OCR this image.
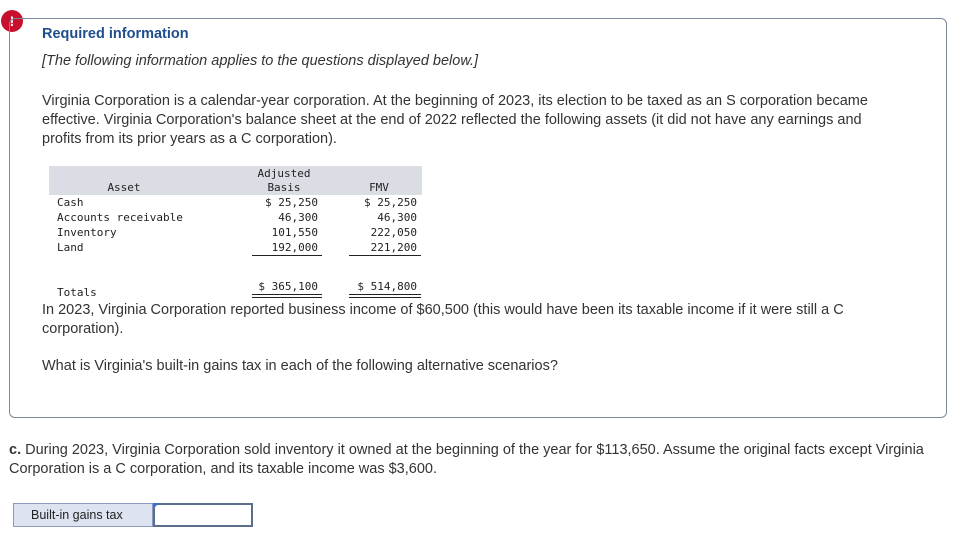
!
Required information
[The following information applies to the questions displayed below.]
Virginia Corporation is a calendar-year corporation. At the beginning of 2023, its election to be taxed as an S corporation became effective. Virginia Corporation's balance sheet at the end of 2022 reflected the following assets (it did not have any earnings and profits from its prior years as a C corporation).
Asset
Adjusted
Basis	FMV
Cash	$ 25,250	$ 25,250
Accounts receivable	46,300	46,300
Inventory	101,550	222,050
Land	192,000	221,200
Totals	$ 365,100	$ 514,800
In 2023, Virginia Corporation reported business income of $60,500 (this would have been its taxable income if it were still a C corporation).
What is Virginia's built-in gains tax in each of the following alternative scenarios?
c. During 2023, Virginia Corporation sold inventory it owned at the beginning of the year for $113,650. Assume the original facts except Virginia Corporation is a C corporation, and its taxable income was $3,600.
Built-in gains tax
